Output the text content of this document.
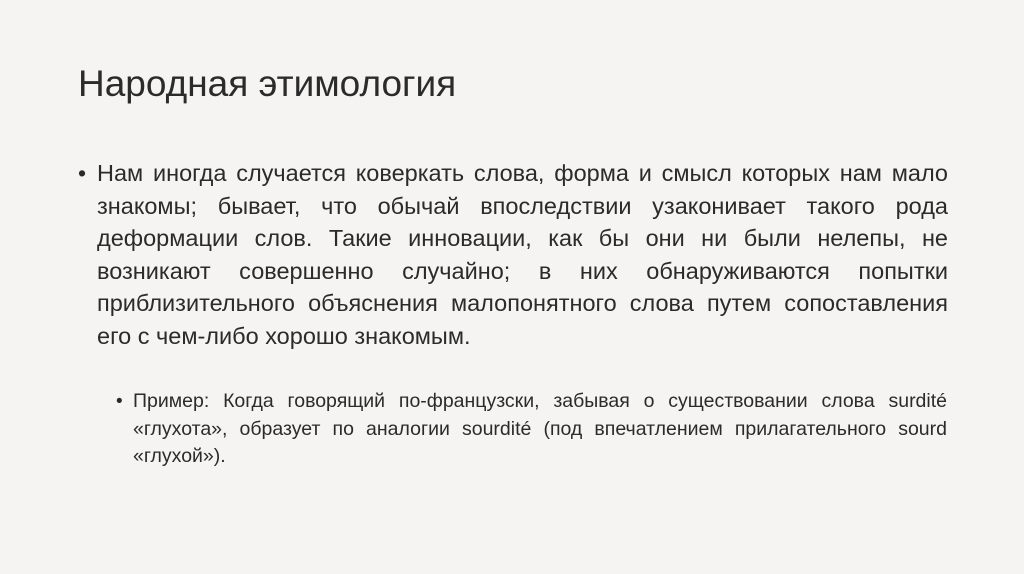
Народная этимология
• Нам иногда случается коверкать слова, форма и смысл которых нам мало знакомы; бывает, что обычай впоследствии узаконивает такого рода деформации слов. Такие инновации, как бы они ни были нелепы, не возникают совершенно случайно; в них обнаруживаются попытки приблизительного объяснения малопонятного слова путем сопоставления его с чем-либо хорошо знакомым.
• Пример: Когда говорящий по-французски, забывая о существовании слова surdité «глухота», образует по аналогии sourdité (под впечатлением прилагательного sourd «глухой»).
